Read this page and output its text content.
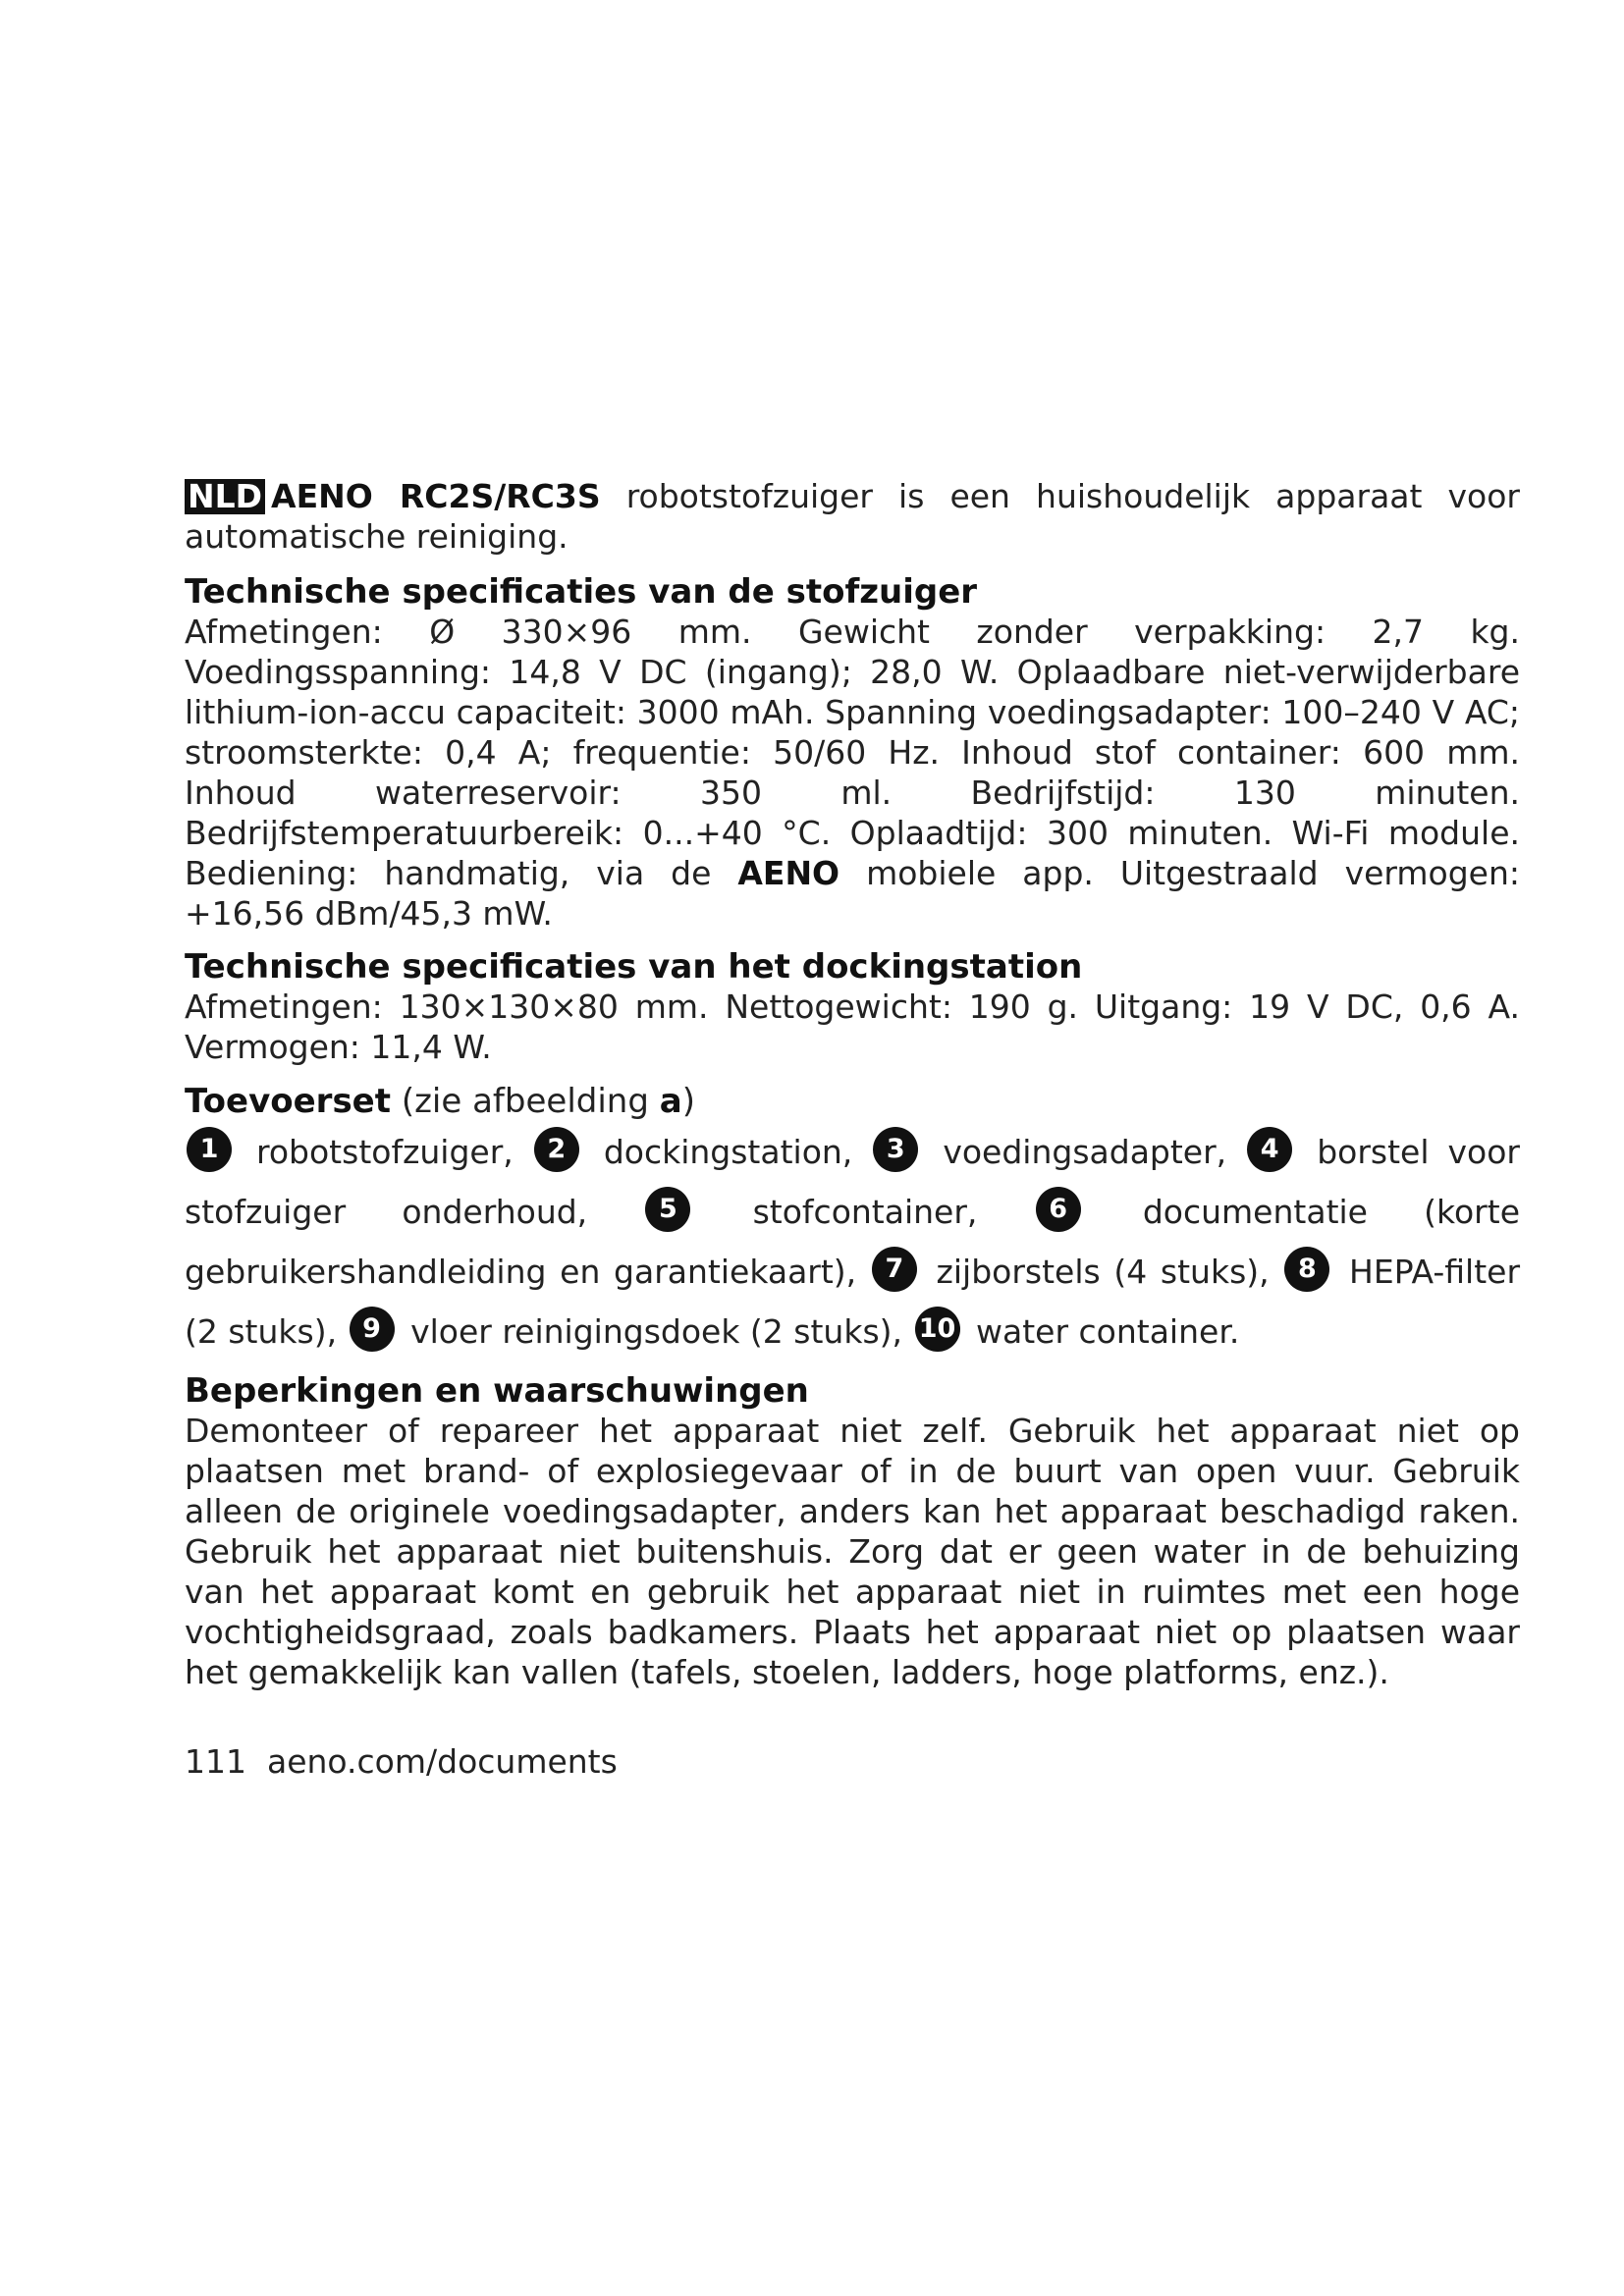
NLD AENO RC2S/RC3S robotstofzuiger is een huishoudelijk apparaat voor automatische reiniging.

Technische specificaties van de stofzuiger

Afmetingen: Ø 330×96 mm. Gewicht zonder verpakking: 2,7 kg. Voedingsspanning: 14,8 V DC (ingang); 28,0 W. Oplaadbare niet-verwijderbare lithium-ion-accu capaciteit: 3000 mAh. Spanning voedingsadapter: 100–240 V AC; stroomsterkte: 0,4 A; frequentie: 50/60 Hz. Inhoud stof container: 600 mm. Inhoud waterreservoir: 350 ml. Bedrijfstijd: 130 minuten. Bedrijfstemperatuurbereik: 0...+40 °C. Oplaadtijd: 300 minuten. Wi-Fi module. Bediening: handmatig, via de AENO mobiele app. Uitgestraald vermogen: +16,56 dBm/45,3 mW.

Technische specificaties van het dockingstation

Afmetingen: 130×130×80 mm. Nettogewicht: 190 g. Uitgang: 19 V DC, 0,6 A. Vermogen: 11,4 W.

Toevoerset (zie afbeelding a)

1 robotstofzuiger, 2 dockingstation, 3 voedingsadapter, 4 borstel voor stofzuiger onderhoud,	5 stofcontainer,	6 documentatie (korte gebruikershandleiding en garantiekaart), 7 zijborstels (4 stuks), 8 HEPA-filter (2 stuks), 9 vloer reinigingsdoek (2 stuks), 10 water container.

Beperkingen en waarschuwingen

Demonteer of repareer het apparaat niet zelf. Gebruik het apparaat niet op plaatsen met brand- of explosiegevaar of in de buurt van open vuur. Gebruik alleen de originele voedingsadapter, anders kan het apparaat beschadigd raken. Gebruik het apparaat niet buitenshuis. Zorg dat er geen water in de behuizing van het apparaat komt en gebruik het apparaat niet in ruimtes met een hoge vochtigheidsgraad, zoals badkamers. Plaats het apparaat niet op plaatsen waar het gemakkelijk kan vallen (tafels, stoelen, ladders, hoge platforms, enz.).

111 aeno.com/documents
